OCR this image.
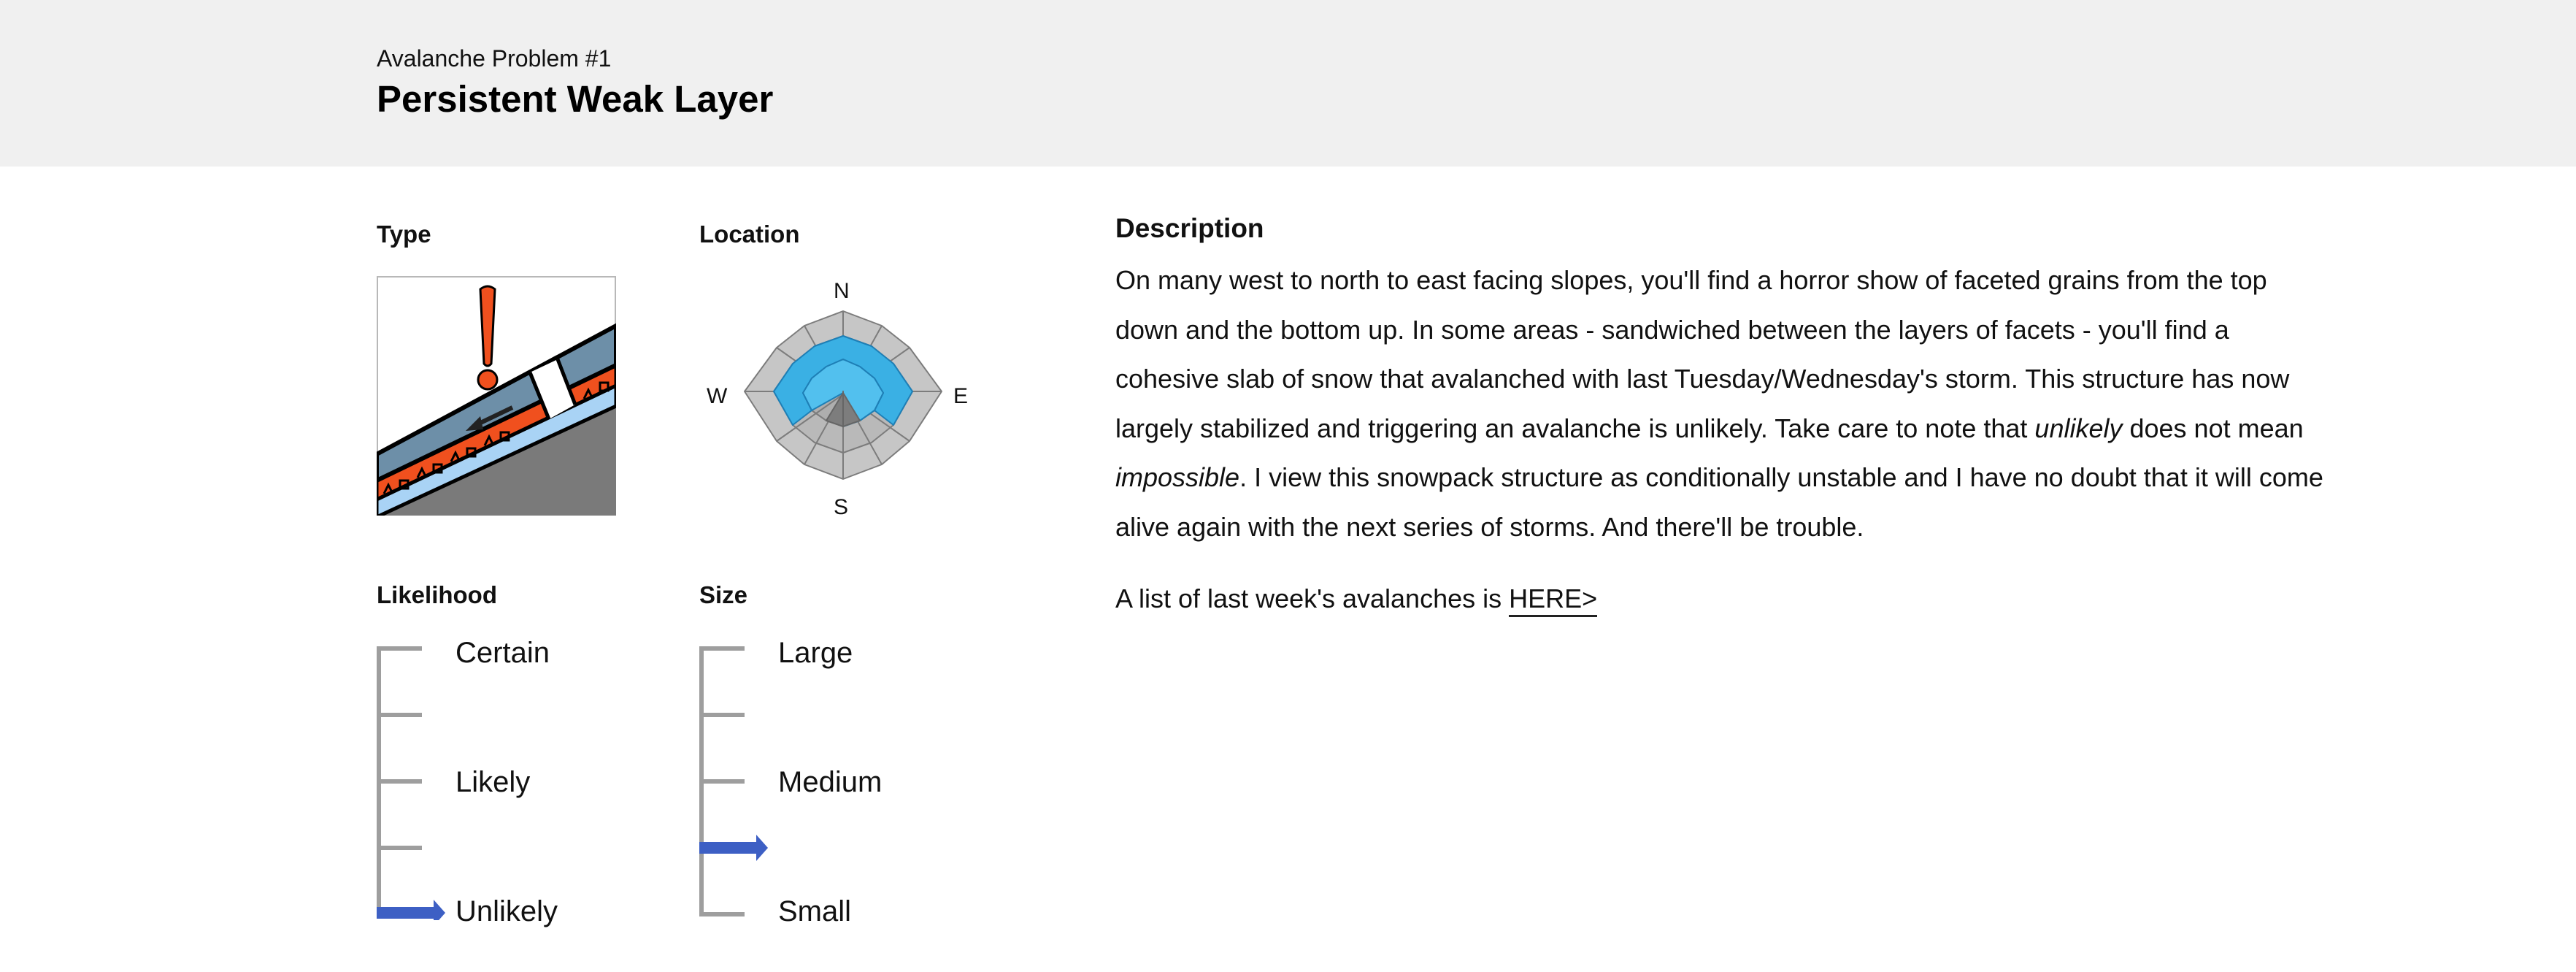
Avalanche Problem #1
Persistent Weak Layer
Type	Location
N
E
S
W
Likelihood
Certain
Likely
Unlikely
Size
Large
Medium
Small
Description

On many west to north to east facing slopes, you'll find a horror show of faceted grains from the top down and the bottom up. In some areas - sandwiched between the layers of facets - you'll find a cohesive slab of snow that avalanched with last Tuesday/Wednesday's storm. This structure has now largely stabilized and triggering an avalanche is unlikely. Take care to note that unlikely does not mean impossible. I view this snowpack structure as conditionally unstable and I have no doubt that it will come alive again with the next series of storms. And there'll be trouble.

A list of last week's avalanches is HERE>
